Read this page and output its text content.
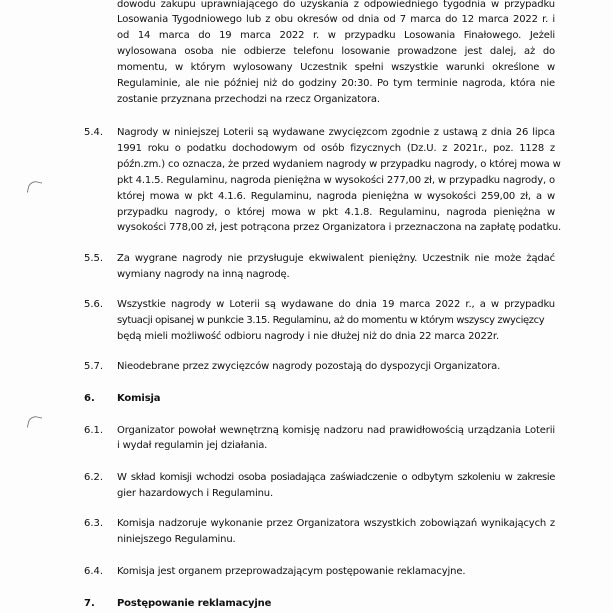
dowodu zakupu uprawniającego do uzyskania z odpowiedniego tygodnia w przypadku
Losowania Tygodniowego lub z obu okresów od dnia od 7 marca do 12 marca 2022 r. i
od 14 marca do 19 marca 2022 r. w przypadku Losowania Finałowego. Jeżeli
wylosowana osoba nie odbierze telefonu losowanie prowadzone jest dalej, aż do
momentu, w którym wylosowany Uczestnik spełni wszystkie warunki określone w
Regulaminie, ale nie później niż do godziny 20:30. Po tym terminie nagroda, która nie
zostanie przyznana przechodzi na rzecz Organizatora.
5.4. Nagrody w niniejszej Loterii są wydawane zwycięzcom zgodnie z ustawą z dnia 26 lipca
1991 roku o podatku dochodowym od osób fizycznych (Dz.U. z 2021r., poz. 1128 z
późn.zm.) co oznacza, że przed wydaniem nagrody w przypadku nagrody, o której mowa w
pkt 4.1.5. Regulaminu, nagroda pieniężna w wysokości 277,00 zł, w przypadku nagrody, o
której mowa w pkt 4.1.6. Regulaminu, nagroda pieniężna w wysokości 259,00 zł, a w
przypadku nagrody, o której mowa w pkt 4.1.8. Regulaminu, nagroda pieniężna w
wysokości 778,00 zł, jest potrącona przez Organizatora i przeznaczona na zapłatę podatku.
5.5. Za wygrane nagrody nie przysługuje ekwiwalent pieniężny. Uczestnik nie może żądać
wymiany nagrody na inną nagrodę.
5.6. Wszystkie nagrody w Loterii są wydawane do dnia 19 marca 2022 r., a w przypadku
sytuacji opisanej w punkcie 3.15. Regulaminu, aż do momentu w którym wszyscy zwycięzcy
będą mieli możliwość odbioru nagrody i nie dłużej niż do dnia 22 marca 2022r.
5.7. Nieodebrane przez zwycięzców nagrody pozostają do dyspozycji Organizatora.
6. Komisja
6.1. Organizator powołał wewnętrzną komisję nadzoru nad prawidłowością urządzania Loterii
i wydał regulamin jej działania.
6.2. W skład komisji wchodzi osoba posiadająca zaświadczenie o odbytym szkoleniu w zakresie
gier hazardowych i Regulaminu.
6.3. Komisja nadzoruje wykonanie przez Organizatora wszystkich zobowiązań wynikających z
niniejszego Regulaminu.
6.4. Komisja jest organem przeprowadzającym postępowanie reklamacyjne.
7. Postępowanie reklamacyjne
